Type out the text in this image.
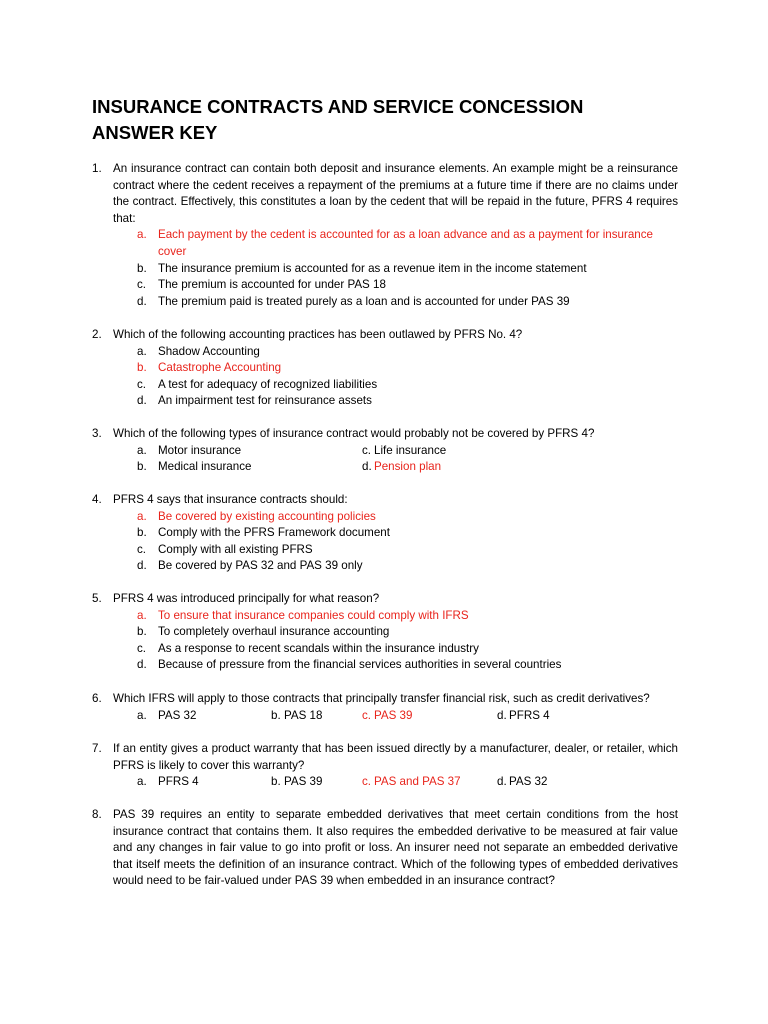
INSURANCE CONTRACTS AND SERVICE CONCESSION
ANSWER KEY
1. An insurance contract can contain both deposit and insurance elements. An example might be a reinsurance contract where the cedent receives a repayment of the premiums at a future time if there are no claims under the contract. Effectively, this constitutes a loan by the cedent that will be repaid in the future, PFRS 4 requires that:
a. Each payment by the cedent is accounted for as a loan advance and as a payment for insurance cover
b. The insurance premium is accounted for as a revenue item in the income statement
c. The premium is accounted for under PAS 18
d. The premium paid is treated purely as a loan and is accounted for under PAS 39
2. Which of the following accounting practices has been outlawed by PFRS No. 4?
a. Shadow Accounting
b. Catastrophe Accounting
c. A test for adequacy of recognized liabilities
d. An impairment test for reinsurance assets
3. Which of the following types of insurance contract would probably not be covered by PFRS 4?
a. Motor insurance	c. Life insurance
b. Medical insurance	d. Pension plan
4. PFRS 4 says that insurance contracts should:
a. Be covered by existing accounting policies
b. Comply with the PFRS Framework document
c. Comply with all existing PFRS
d. Be covered by PAS 32 and PAS 39 only
5. PFRS 4 was introduced principally for what reason?
a. To ensure that insurance companies could comply with IFRS
b. To completely overhaul insurance accounting
c. As a response to recent scandals within the insurance industry
d. Because of pressure from the financial services authorities in several countries
6. Which IFRS will apply to those contracts that principally transfer financial risk, such as credit derivatives?
a. PAS 32	b. PAS 18	c. PAS 39	d. PFRS 4
7. If an entity gives a product warranty that has been issued directly by a manufacturer, dealer, or retailer, which PFRS is likely to cover this warranty?
a. PFRS 4	b. PAS 39	c. PAS and PAS 37	d. PAS 32
8. PAS 39 requires an entity to separate embedded derivatives that meet certain conditions from the host insurance contract that contains them. It also requires the embedded derivative to be measured at fair value and any changes in fair value to go into profit or loss. An insurer need not separate an embedded derivative that itself meets the definition of an insurance contract. Which of the following types of embedded derivatives would need to be fair-valued under PAS 39 when embedded in an insurance contract?
